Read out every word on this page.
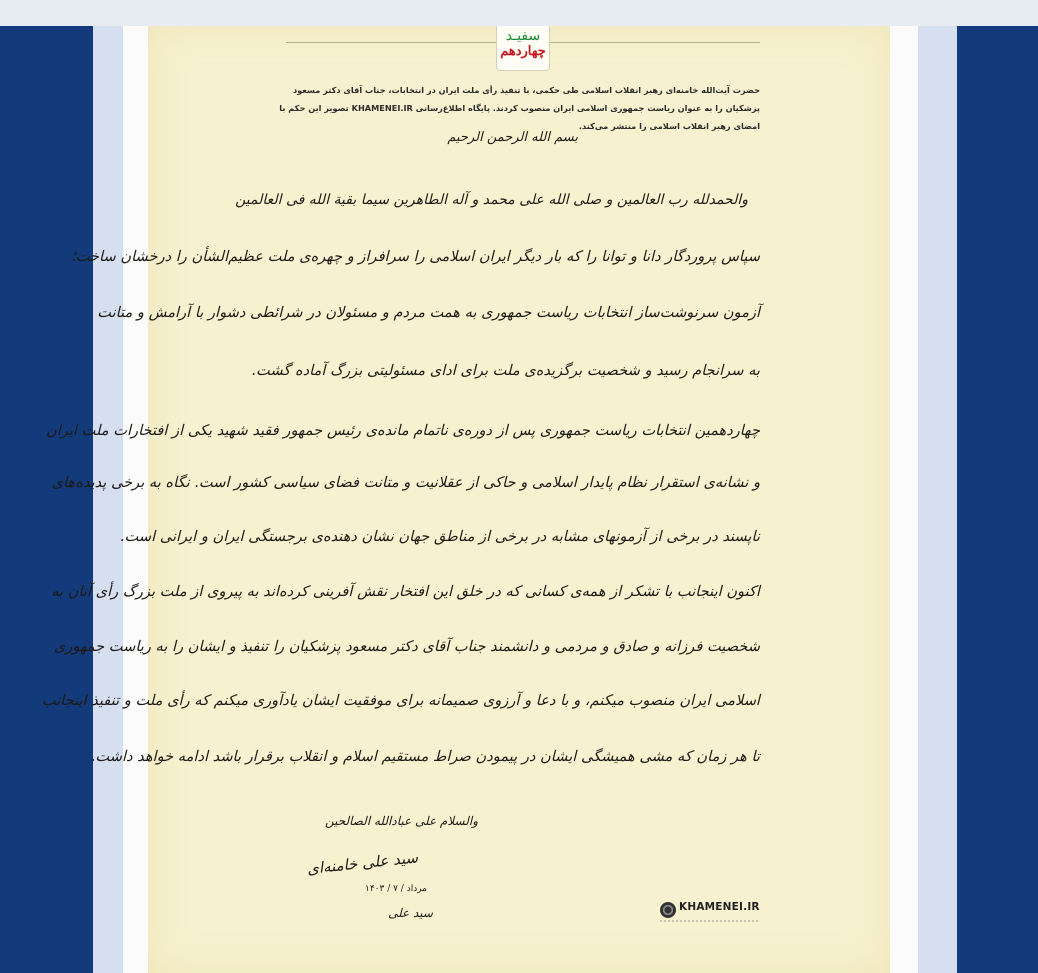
سفیـد
چهاردهم
حضرت آیت‌الله خامنه‌ای رهبر انقلاب اسلامی طی حکمی، با تنفیذ رأی ملت ایران در انتخابات، جناب آقای دکتر مسعود پزشکیان را به عنوان رياست جمهوری اسلامی ایران منصوب کردند. پایگاه اطلاع‌رسانی KHAMENEI.IR تصویر این حکم با امضای رهبر انقلاب اسلامی را منتشر می‌کند.
بسم الله الرحمن الرحیم
والحمدلله رب العالمین و صلی الله علی محمد و آله الطاهرین سیما بقیة الله فی العالمین
سپاس پروردگار دانا و توانا را که بار دیگر ایران اسلامی را سرافراز و چهره‌ی ملت عظیم‌الشأن را درخشان ساخت؛
آزمون سرنوشت‌ساز انتخابات ریاست جمهوری به همت مردم و مسئولان در شرائطی دشوار با آرامش و متانت
به سرانجام رسید و شخصیت برگزیده‌ی ملت برای ادای مسئولیتی بزرگ آماده گشت.
چهاردهمین انتخابات ریاست جمهوری پس از دوره‌ی ناتمام مانده‌ی رئیس جمهور فقید شهید یکی از افتخارات ملت ایران
و نشانه‌ی استقرار نظام پایدار اسلامی و حاکی از عقلانیت و متانت فضای سیاسی کشور است. نگاه به برخی پدیده‌های
ناپسند در برخی از آزمونهای مشابه در برخی از مناطق جهان نشان دهنده‌ی برجستگی ایران و ایرانی است.
اکنون اینجانب با تشکر از همه‌ی کسانی که در خلق این افتخار نقش آفرینی کرده‌اند به پیروی از ملت بزرگ رأی آنان به
شخصیت فرزانه و صادق و مردمی و دانشمند جناب آقای دکتر مسعود پزشکیان را تنفیذ و ایشان را به ریاست جمهوری
اسلامی ایران منصوب میکنم، و با دعا و آرزوی صمیمانه برای موفقیت ایشان یادآوری میکنم که رأی ملت و تنفیذ اینجانب
تا هر زمان که مشی همیشگی ایشان در پیمودن صراط مستقیم اسلام و انقلاب برقرار باشد ادامه خواهد داشت.
والسلام علی عبادالله الصالحین
سید علی خامنه‌ای
۱۴۰۳ / مرداد / ۷
سید علی	KHAMENEI.IR
